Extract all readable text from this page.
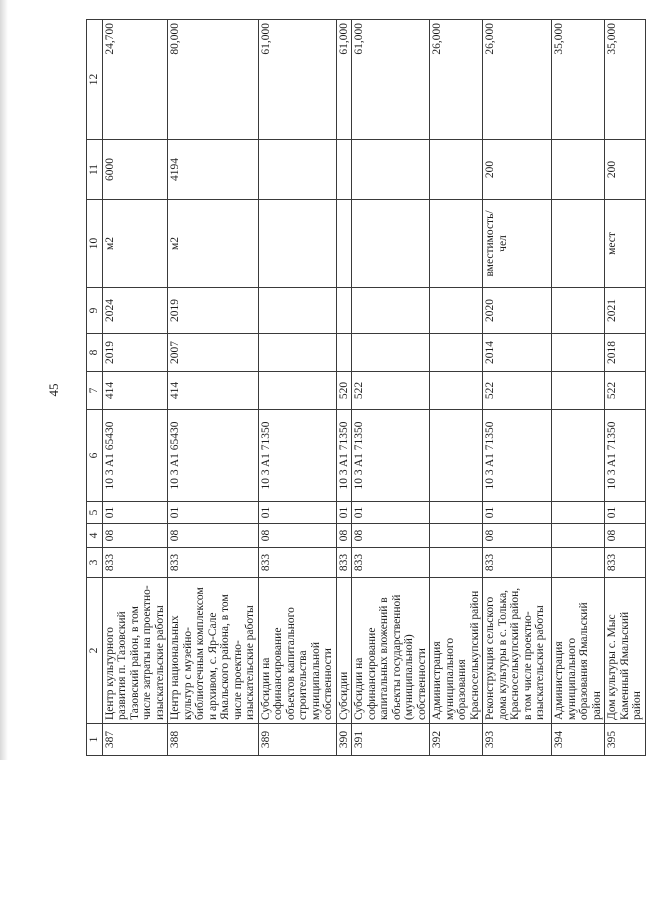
45
1	2	3	4	5	6	7	8	9	10	11	12
387	Центр культурного развития п. Тазовский Тазовский район, в том числе затраты на проектно-изыскательские работы	833	08	01	10 3 A1 65430	414	2019	2024	м2	6000	24,700
388	Центр национальных культур с музейно-библиотечным комплексом и архивом, с. Яр-Сале Ямальского района, в том числе проектно-изыскательские работы	833	08	01	10 3 A1 65430	414	2007	2019	м2	4194	80,000
389	Субсидии на софинансирование объектов капитального строительства муниципальной собственности	833	08	01	10 3 A1 71350						61,000
390	Субсидии	833	08	01	10 3 A1 71350	520					61,000
391	Субсидии на софинансирование капитальных вложений в объекты государственной (муниципальной) собственности	833	08	01	10 3 A1 71350	522					61,000
392	Администрация муниципального образования Красноселькупский район										26,000
393	Реконструкция сельского дома культуры в с. Толька, Красноселькупский район, в том числе проектно-изыскательские работы	833	08	01	10 3 A1 71350	522	2014	2020	вместимость/чел	200	26,000
394	Администрация муниципального образования Ямальский район										35,000
395	Дом культуры с. Мыс Каменный Ямальский район	833	08	01	10 3 A1 71350	522	2018	2021	мест	200	35,000
